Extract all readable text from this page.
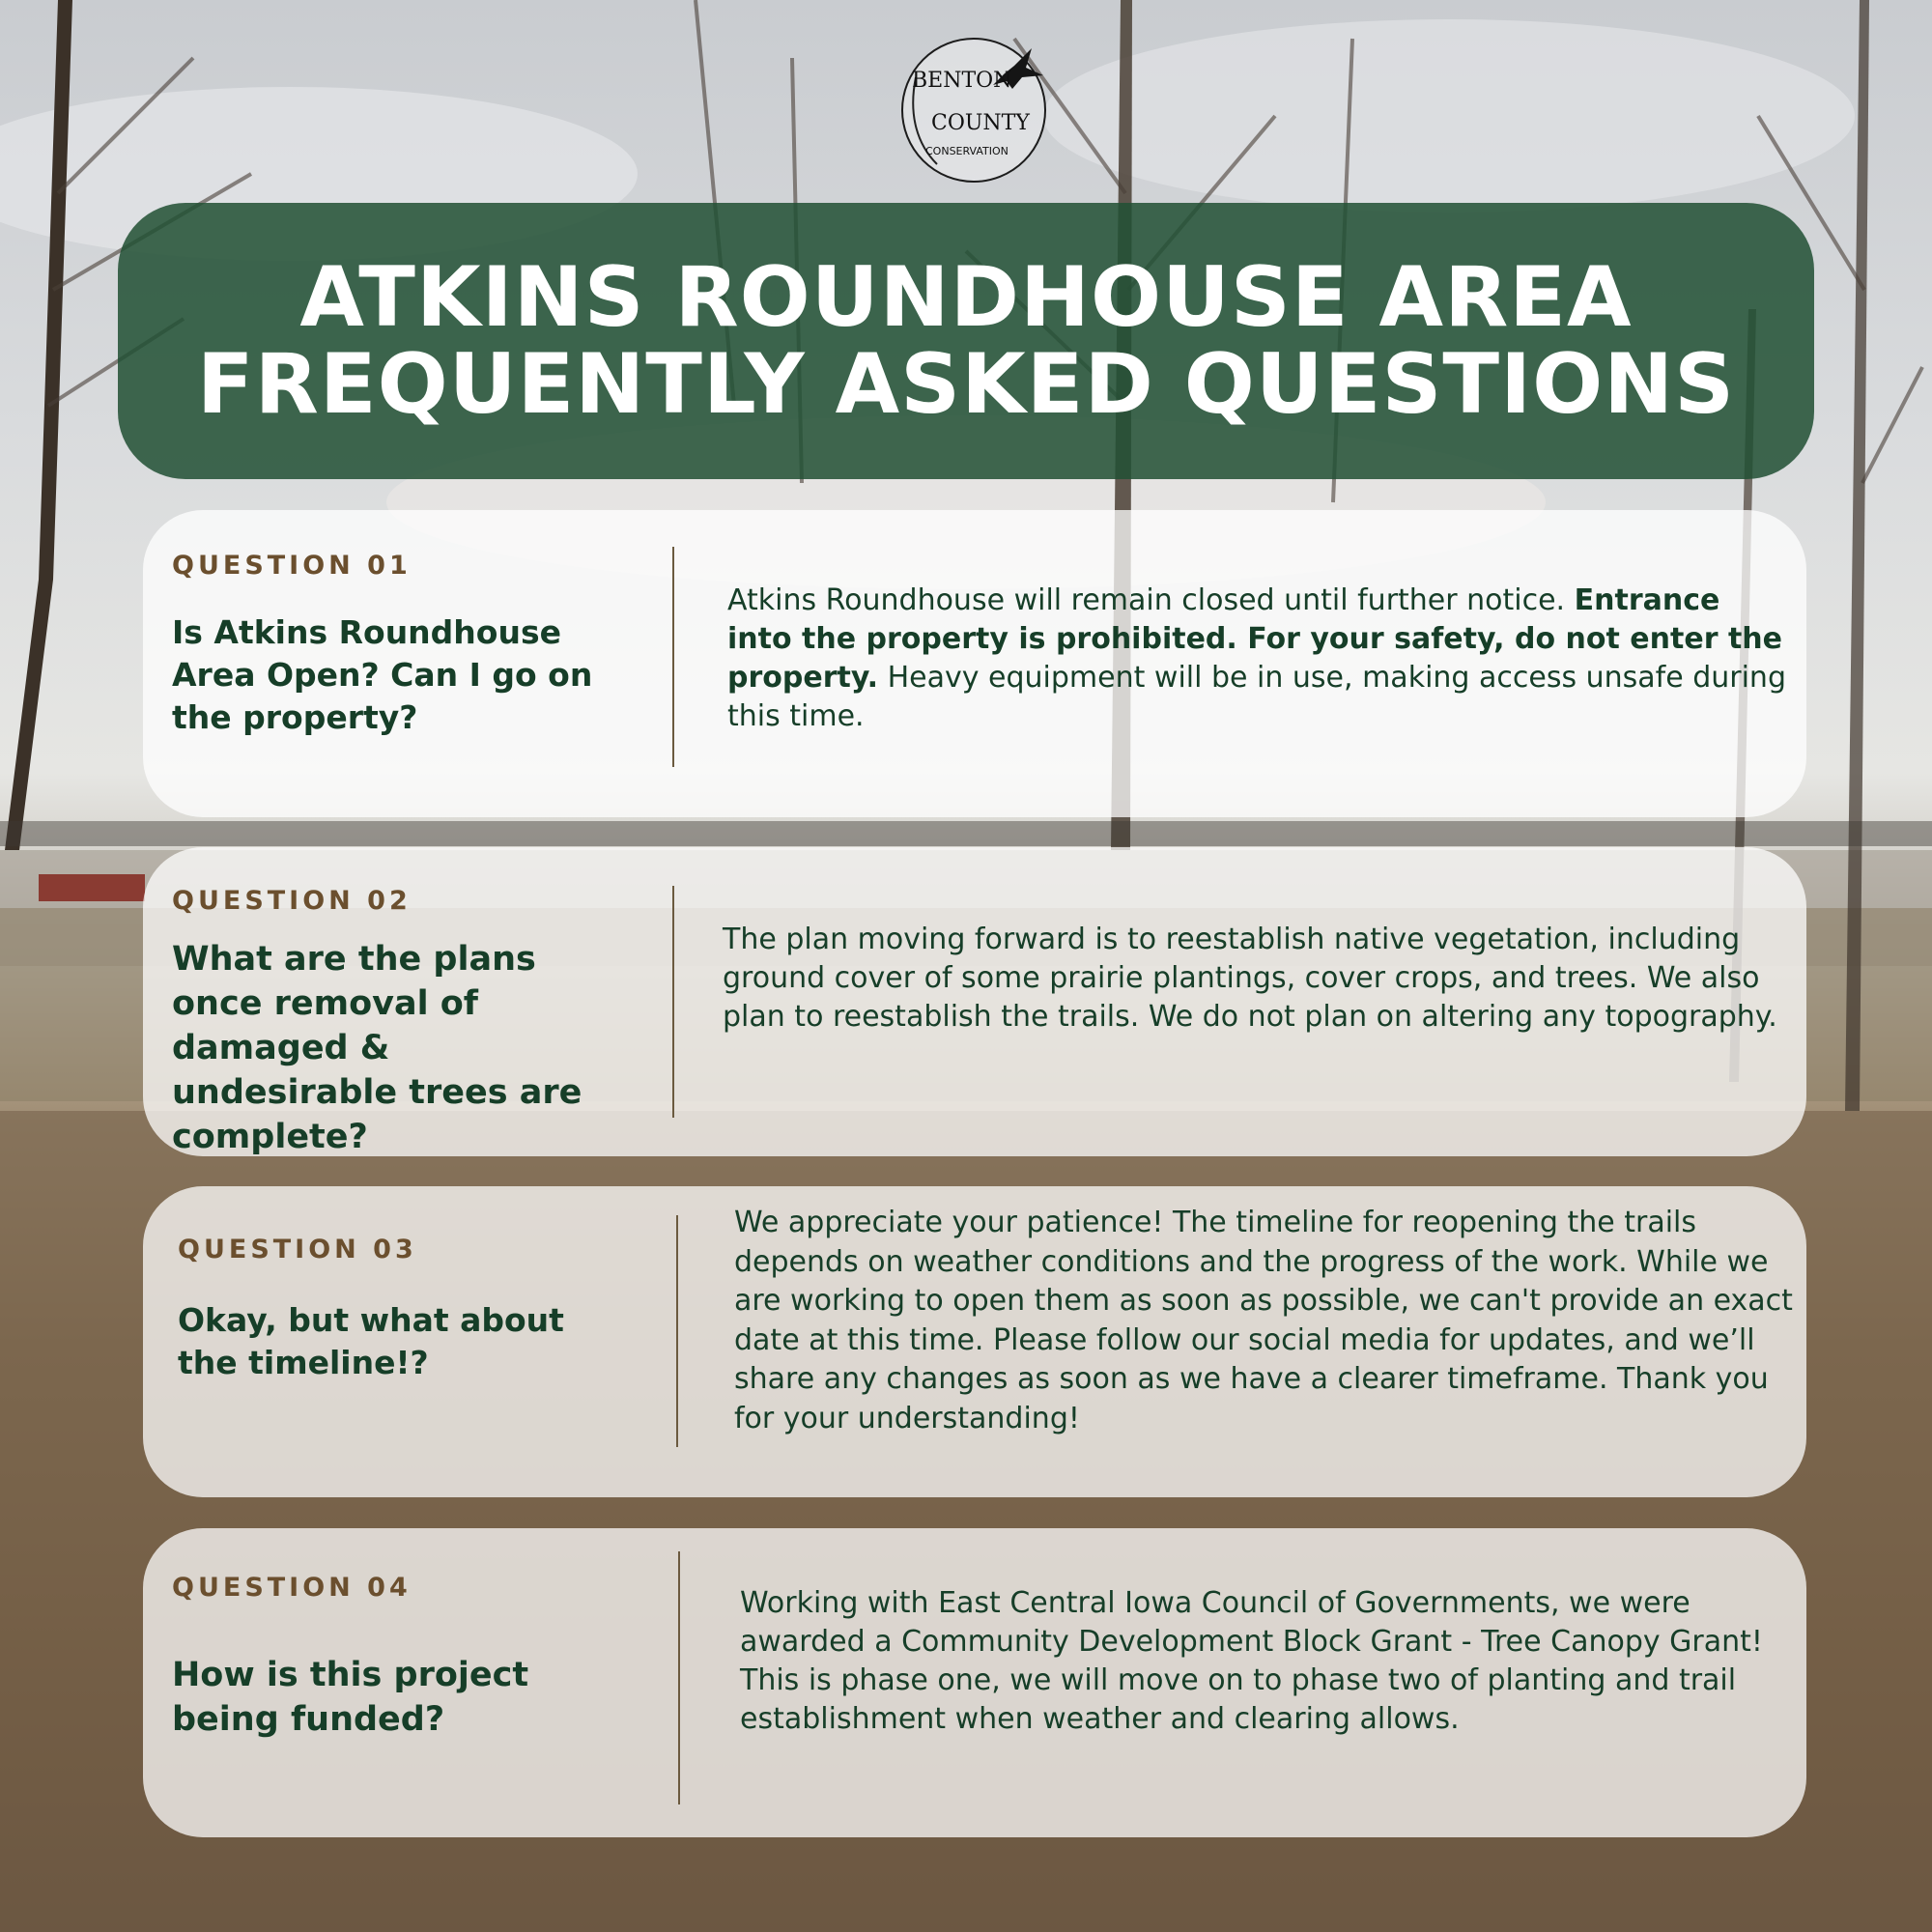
BENTON
COUNTY
CONSERVATION
ATKINS ROUNDHOUSE AREA
FREQUENTLY ASKED QUESTIONS
QUESTION 01
Is Atkins Roundhouse Area Open? Can I go on the property?
Atkins Roundhouse will remain closed until further notice. Entrance into the property is prohibited. For your safety, do not enter the property. Heavy equipment will be in use, making access unsafe during this time.
QUESTION 02
What are the plans once removal of damaged & undesirable trees are complete?
The plan moving forward is to reestablish native vegetation, including ground cover of some prairie plantings, cover crops, and trees. We also plan to reestablish the trails. We do not plan on altering any topography.
QUESTION 03
Okay, but what about the timeline!?
We appreciate your patience! The timeline for reopening the trails depends on weather conditions and the progress of the work. While we are working to open them as soon as possible, we can't provide an exact date at this time. Please follow our social media for updates, and we’ll share any changes as soon as we have a clearer timeframe. Thank you for your understanding!
QUESTION 04
How is this project being funded?
Working with East Central Iowa Council of Governments, we were awarded a Community Development Block Grant - Tree Canopy Grant! This is phase one, we will move on to phase two of planting and trail establishment when weather and clearing allows.
